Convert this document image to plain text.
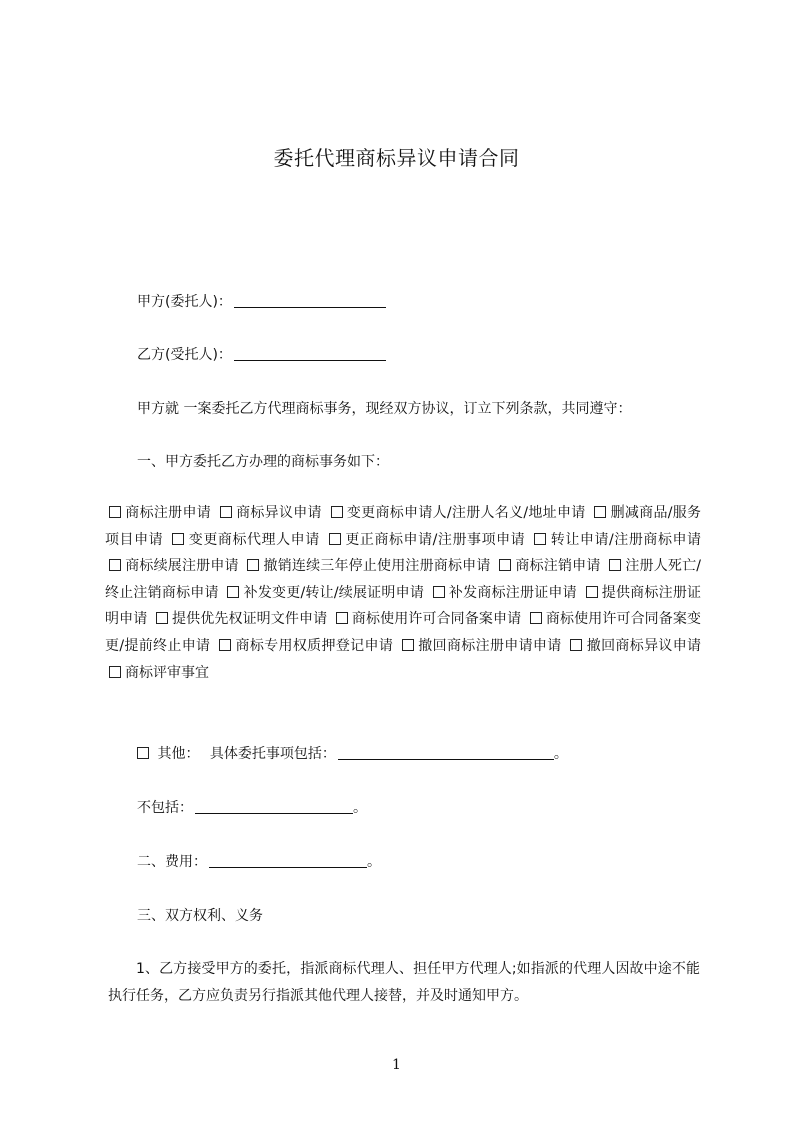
委托代理商标异议申请合同
甲方(委托人)：
乙方(受托人)：
甲方就 一案委托乙方代理商标事务，现经双方协议，订立下列条款，共同遵守：
一、甲方委托乙方办理的商标事务如下：
商标注册申请 商标异议申请 变更商标申请人/注册人名义/地址申请 删减商品/服务项目申请 变更商标代理人申请 更正商标申请/注册事项申请 转让申请/注册商标申请 商标续展注册申请 撤销连续三年停止使用注册商标申请 商标注销申请 注册人死亡/终止注销商标申请 补发变更/转让/续展证明申请 补发商标注册证申请 提供商标注册证明申请 提供优先权证明文件申请 商标使用许可合同备案申请 商标使用许可合同备案变更/提前终止申请 商标专用权质押登记申请 撤回商标注册申请申请 撤回商标异议申请 商标评审事宜
其他： 具体委托事项包括：	。
不包括：	。
二、费用：	。
三、双方权利、义务
1、乙方接受甲方的委托，指派商标代理人、担任甲方代理人;如指派的代理人因故中途不能执行任务，乙方应负责另行指派其他代理人接替，并及时通知甲方。
1
